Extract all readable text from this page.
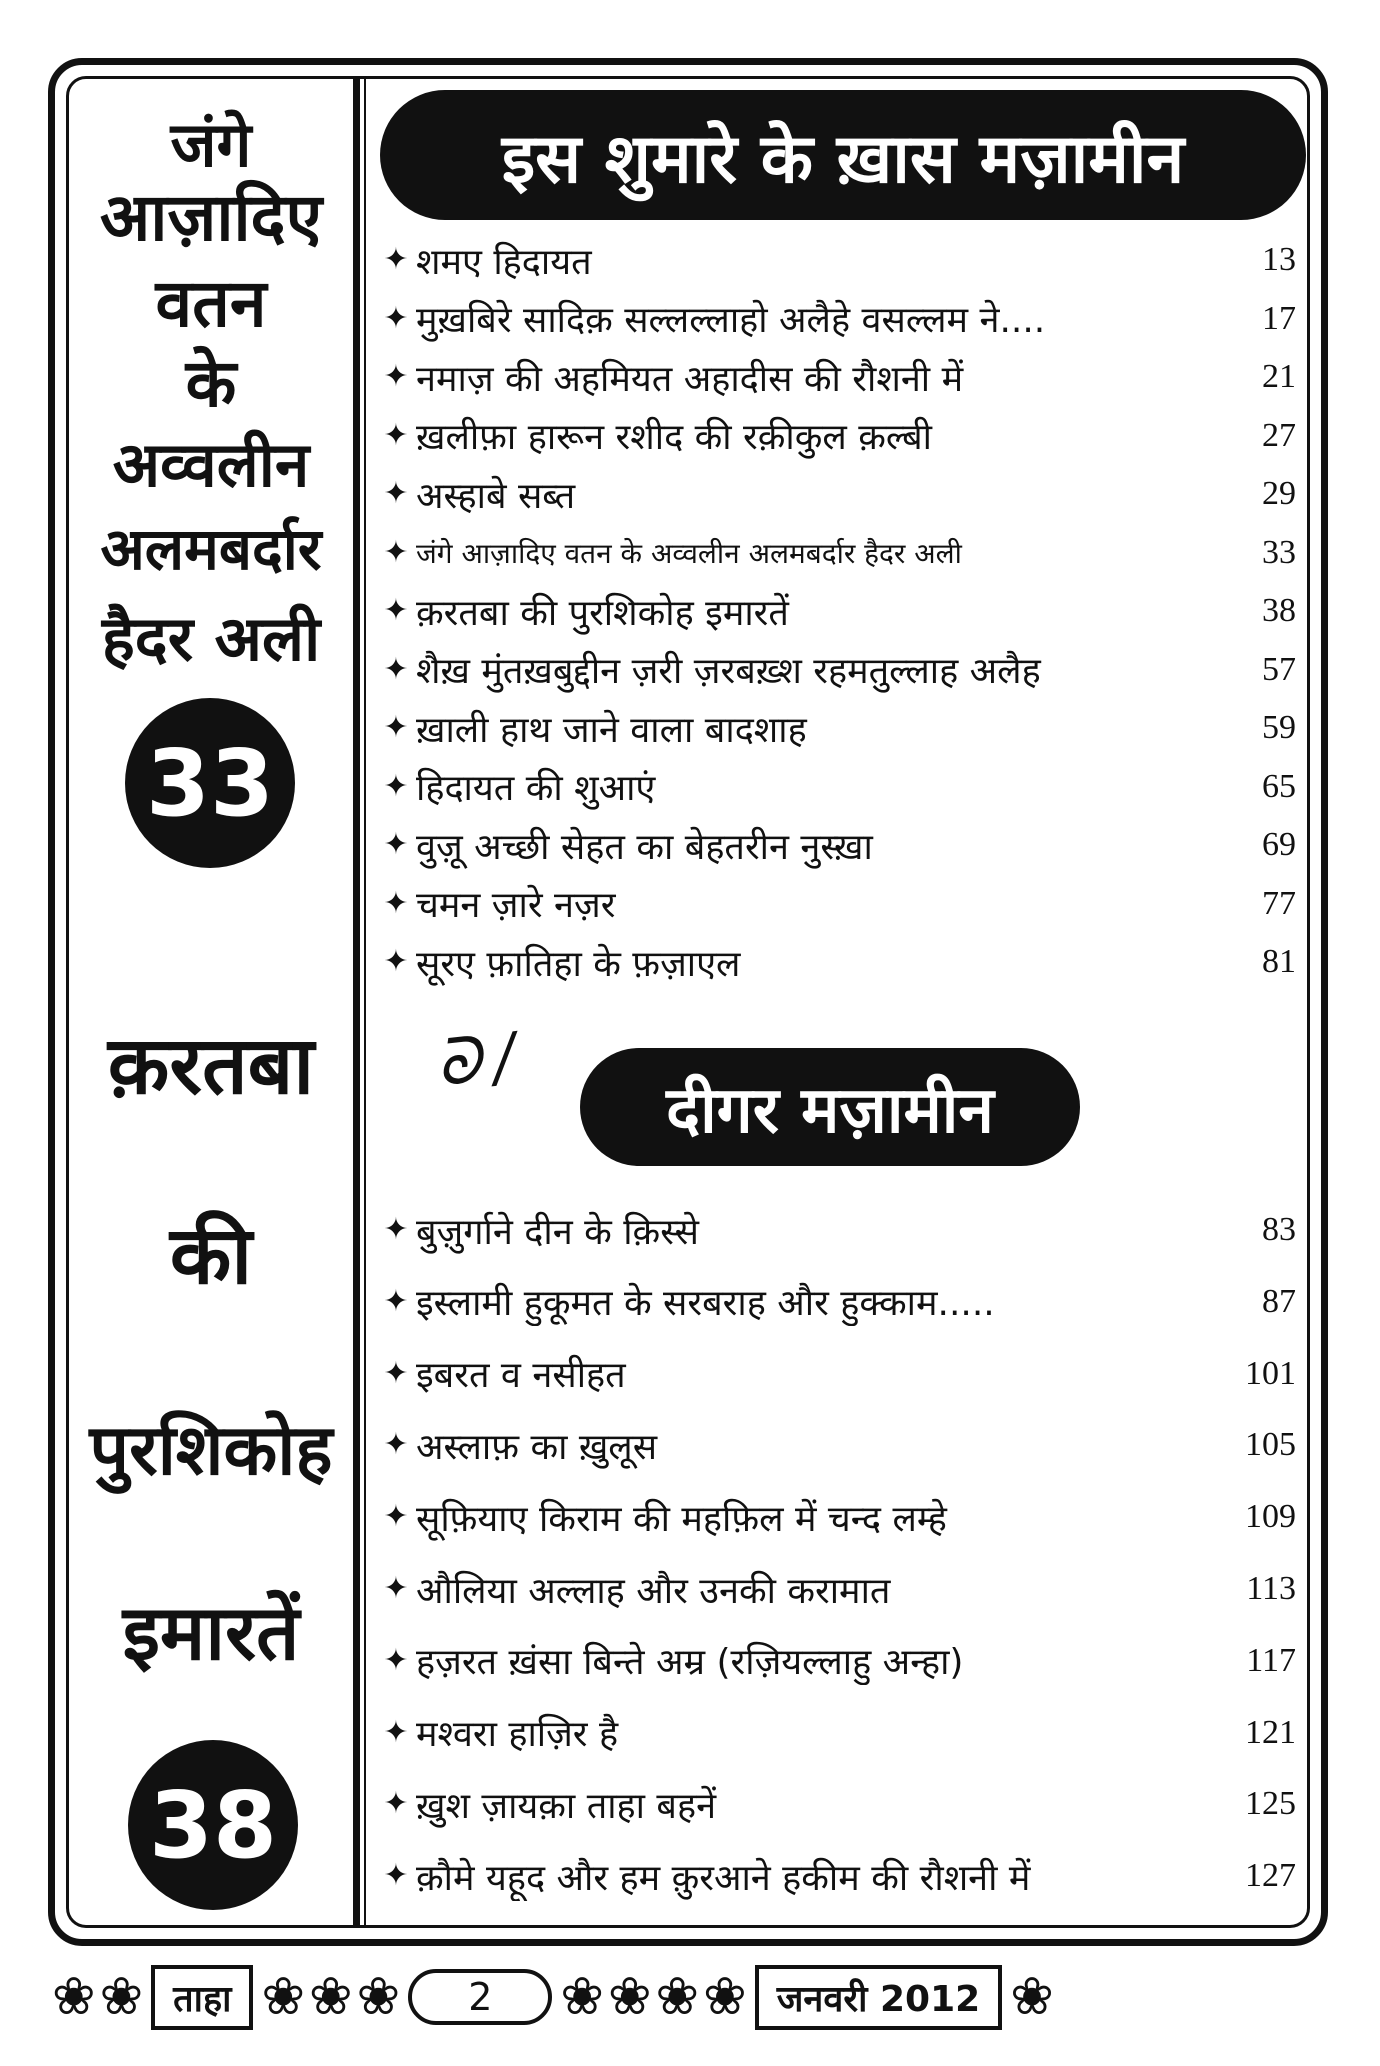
जंगे
आज़ादिए
वतन
के
अव्वलीन
अलमबर्दार
हैदर अली
क़रतबा
की
पुरशिकोह
इमारतें
33
38
इस शुमारे के ख़ास मज़ामीन
✦ शमए हिदायत	13
✦ मुख़बिरे सादिक़ सल्लल्लाहो अलैहे वसल्लम ने....	17
✦ नमाज़ की अहमियत अहादीस की रौशनी में	21
✦ ख़लीफ़ा हारून रशीद की रक़ीकुल क़ल्बी	27
✦ अस्हाबे सब्त	29
✦ जंगे आज़ादिए वतन के अव्वलीन अलमबर्दार हैदर अली	33
✦ क़रतबा की पुरशिकोह इमारतें	38
✦ शैख़ मुंतख़बुद्दीन ज़री ज़रबख़्श रहमतुल्लाह अलैह	57
✦ ख़ाली हाथ जाने वाला बादशाह	59
✦ हिदायत की शुआएं	65
✦ वुज़ू अच्छी सेहत का बेहतरीन नुस्ख़ा	69
✦ चमन ज़ारे नज़र	77
✦ सूरए फ़ातिहा के फ़ज़ाएल	81
ᘐ /
दीगर मज़ामीन
✦ बुज़ुर्गाने दीन के क़िस्से	83
✦ इस्लामी हुकूमत के सरबराह और हुक्काम.....	87
✦ इबरत व नसीहत	101
✦ अस्लाफ़ का ख़ुलूस	105
✦ सूफ़ियाए किराम की महफ़िल में चन्द लम्हे	109
✦ औलिया अल्लाह और उनकी करामात	113
✦ हज़रत ख़ंसा बिन्ते अम्र (रज़ियल्लाहु अन्हा)	117
✦ मश्वरा हाज़िर है	121
✦ ख़ुश ज़ायक़ा ताहा बहनें	125
✦ क़ौमे यहूद और हम क़ुरआने हकीम की रौशनी में	127
❀ ❀ ताहा ❀ ❀ ❀	2	❀ ❀ ❀ ❀ जनवरी 2012 ❀
